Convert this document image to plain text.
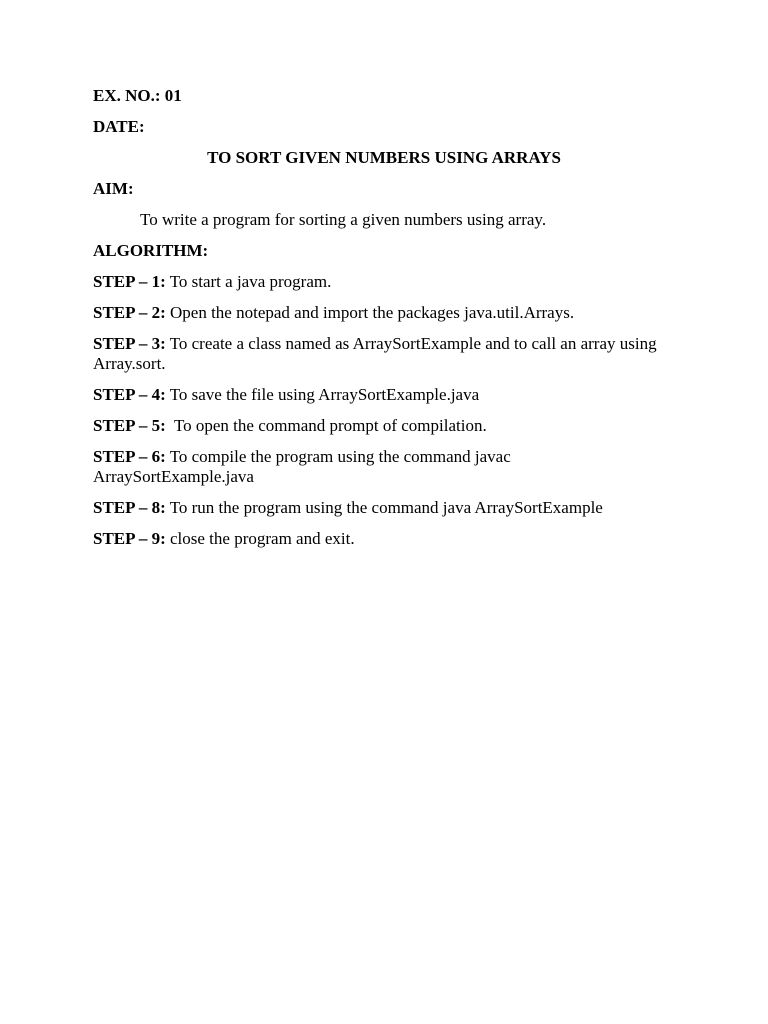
EX. NO.: 01

DATE:

TO SORT GIVEN NUMBERS USING ARRAYS

AIM:

To write a program for sorting a given numbers using array.

ALGORITHM:

STEP – 1: To start a java program.

STEP – 2: Open the notepad and import the packages java.util.Arrays.

STEP – 3: To create a class named as ArraySortExample and to call an array using Array.sort.

STEP – 4: To save the file using ArraySortExample.java

STEP – 5:  To open the command prompt of compilation.

STEP – 6: To compile the program using the command javac ArraySortExample.java

STEP – 8: To run the program using the command java ArraySortExample

STEP – 9: close the program and exit.
